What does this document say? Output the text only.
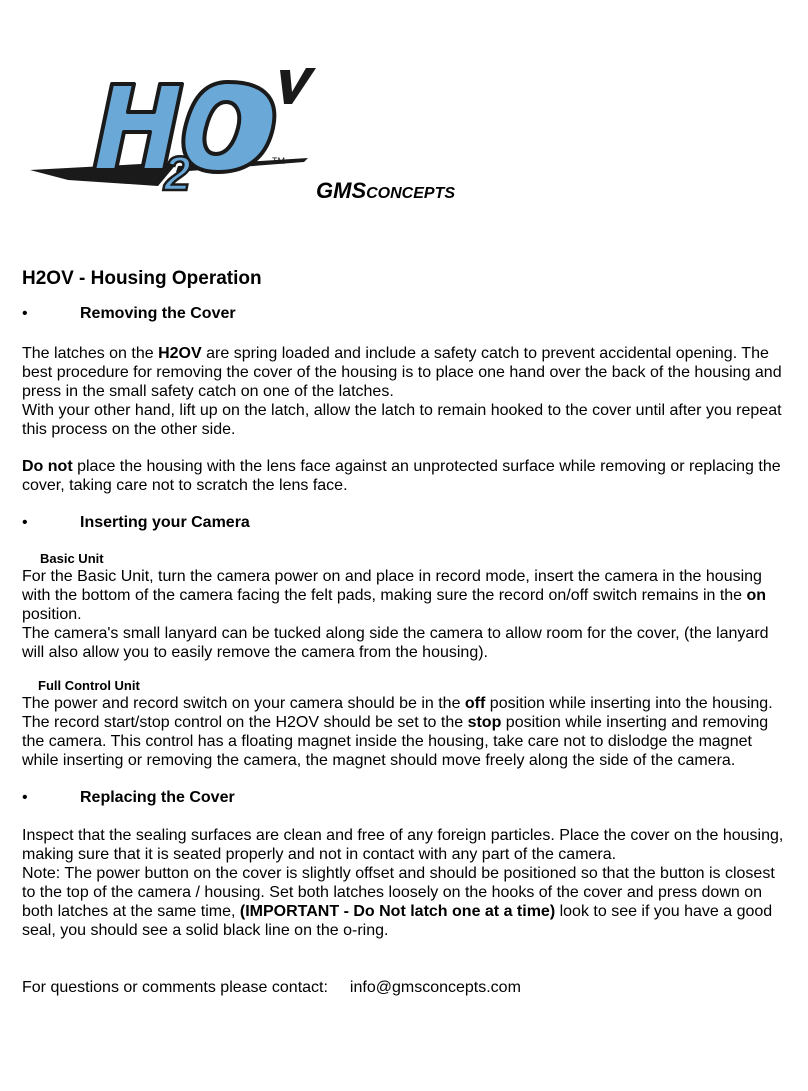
2	TM
GMSCONCEPTS
H2OV - Housing Operation
•	Removing the Cover

The latches on the H2OV are spring loaded and include a safety catch to prevent accidental opening. The best procedure for removing the cover of the housing is to place one hand over the back of the housing and press in the small safety catch on one of the latches.

With your other hand, lift up on the latch, allow the latch to remain hooked to the cover until after you repeat this process on the other side.

Do not place the housing with the lens face against an unprotected surface while removing or replacing the cover, taking care not to scratch the lens face.

•	Inserting your Camera

Basic Unit

For the Basic Unit, turn the camera power on and place in record mode, insert the camera in the housing with the bottom of the camera facing the felt pads, making sure the record on/off switch remains in the on position.

The camera's small lanyard can be tucked along side the camera to allow room for the cover, (the lanyard will also allow you to easily remove the camera from the housing).

Full Control Unit

The power and record switch on your camera should be in the off position while inserting into the housing.

The record start/stop control on the H2OV should be set to the stop position while inserting and removing the camera. This control has a floating magnet inside the housing, take care not to dislodge the magnet while inserting or removing the camera, the magnet should move freely along the side of the camera.

•	Replacing the Cover

Inspect that the sealing surfaces are clean and free of any foreign particles. Place the cover on the housing, making sure that it is seated properly and not in contact with any part of the camera.

Note: The power button on the cover is slightly offset and should be positioned so that the button is closest to the top of the camera / housing. Set both latches loosely on the hooks of the cover and press down on both latches at the same time, (IMPORTANT - Do Not latch one at a time) look to see if you have a good seal, you should see a solid black line on the o-ring.

For questions or comments please contact: info@gmsconcepts.com
